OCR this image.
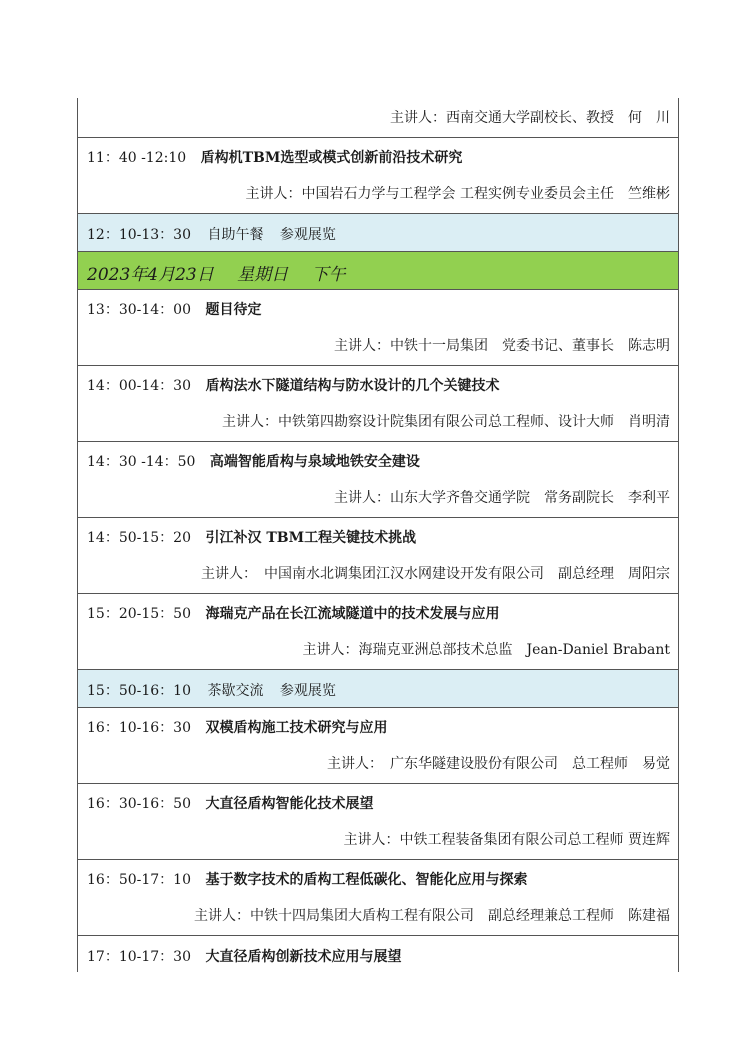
主讲人：西南交通大学副校长、教授　何　川
11：40 -12:10 盾构机TBM选型或模式创新前沿技术研究
主讲人：中国岩石力学与工程学会 工程实例专业委员会主任　竺维彬
12：10-13：30 自助午餐 参观展览
2023年4月23日 星期日 下午
13：30-14：00 题目待定
主讲人：中铁十一局集团　党委书记、董事长　陈志明
14：00-14：30 盾构法水下隧道结构与防水设计的几个关键技术
主讲人：中铁第四勘察设计院集团有限公司总工程师、设计大师　肖明清
14：30 -14：50 高端智能盾构与泉域地铁安全建设
主讲人：山东大学齐鲁交通学院　常务副院长　李利平
14：50-15：20 引江补汉 TBM工程关键技术挑战
主讲人：　中国南水北调集团江汉水网建设开发有限公司　副总经理　周阳宗
15：20-15：50 海瑞克产品在长江流域隧道中的技术发展与应用
主讲人：海瑞克亚洲总部技术总监　Jean-Daniel Brabant
15：50-16：10 茶歇交流 参观展览
16：10-16：30 双模盾构施工技术研究与应用
主讲人：　广东华隧建设股份有限公司　总工程师　易觉
16：30-16：50 大直径盾构智能化技术展望
主讲人：中铁工程装备集团有限公司总工程师 贾连辉
16：50-17：10 基于数字技术的盾构工程低碳化、智能化应用与探索
主讲人：中铁十四局集团大盾构工程有限公司　副总经理兼总工程师　陈建福
17：10-17：30 大直径盾构创新技术应用与展望
